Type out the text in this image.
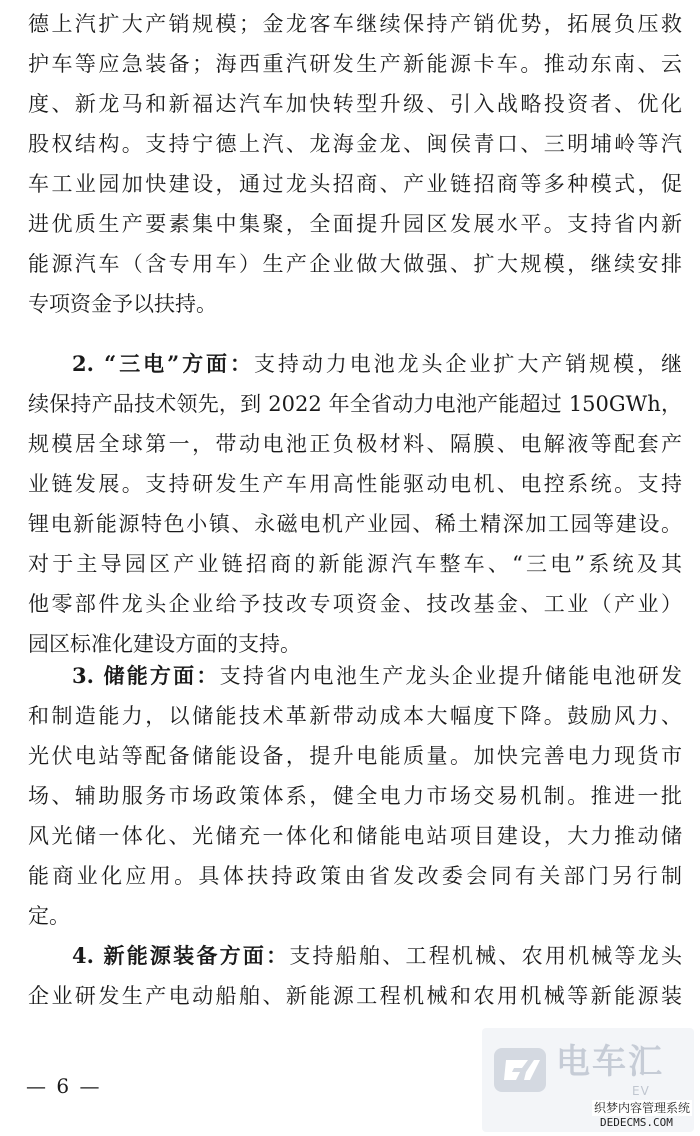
德上汽扩大产销规模；金龙客车继续保持产销优势，拓展负压救
护车等应急装备；海西重汽研发生产新能源卡车。推动东南、云
度、新龙马和新福达汽车加快转型升级、引入战略投资者、优化
股权结构。支持宁德上汽、龙海金龙、闽侯青口、三明埔岭等汽
车工业园加快建设，通过龙头招商、产业链招商等多种模式，促
进优质生产要素集中集聚，全面提升园区发展水平。支持省内新
能源汽车（含专用车）生产企业做大做强、扩大规模，继续安排
专项资金予以扶持。
2. “三电”方面：支持动力电池龙头企业扩大产销规模，继
续保持产品技术领先，到 2022 年全省动力电池产能超过 150GWh，
规模居全球第一，带动电池正负极材料、隔膜、电解液等配套产
业链发展。支持研发生产车用高性能驱动电机、电控系统。支持
锂电新能源特色小镇、永磁电机产业园、稀土精深加工园等建设。
对于主导园区产业链招商的新能源汽车整车、“三电”系统及其
他零部件龙头企业给予技改专项资金、技改基金、工业（产业）
园区标准化建设方面的支持。
3. 储能方面：支持省内电池生产龙头企业提升储能电池研发
和制造能力，以储能技术革新带动成本大幅度下降。鼓励风力、
光伏电站等配备储能设备，提升电能质量。加快完善电力现货市
场、辅助服务市场政策体系，健全电力市场交易机制。推进一批
风光储一体化、光储充一体化和储能电站项目建设，大力推动储
能商业化应用。具体扶持政策由省发改委会同有关部门另行制
定。
4. 新能源装备方面：支持船舶、工程机械、农用机械等龙头
企业研发生产电动船舶、新能源工程机械和农用机械等新能源装
— 6 —
电车汇
EV
织梦内容管理系统
DEDECMS.COM
